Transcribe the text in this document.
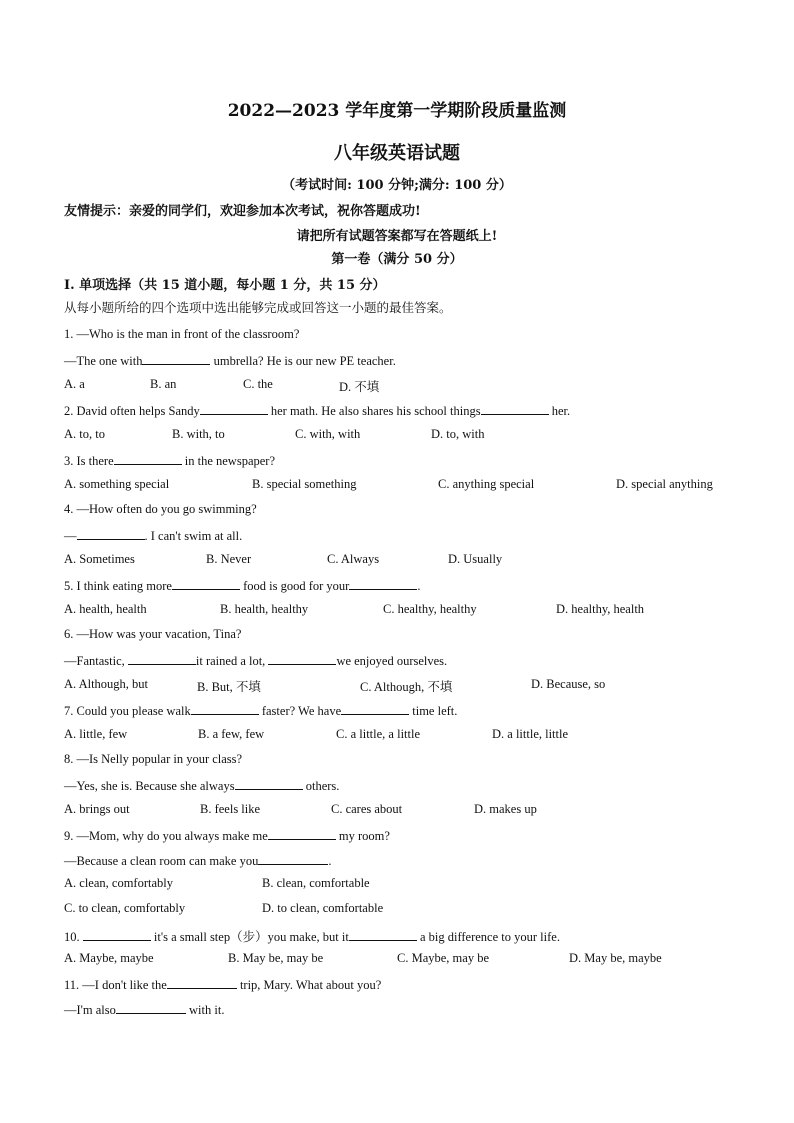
2022—2023 学年度第一学期阶段质量监测
八年级英语试题
（考试时间: 100 分钟;满分: 100 分）
友情提示：亲爱的同学们，欢迎参加本次考试，祝你答题成功!
请把所有试题答案都写在答题纸上!
第一卷（满分 50 分）
I. 单项选择（共 15 道小题，每小题 1 分，共 15 分）
从每小题所给的四个选项中选出能够完成或回答这一小题的最佳答案。
1. —Who is the man in front of the classroom?
—The one with	umbrella? He is our new PE teacher.
A. a	B. an	C. the	D. 不填
2. David often helps Sandy	her math. He also shares his school things	her.
A. to, to	B. with, to	C. with, with	D. to, with
3. Is there	in the newspaper?
A. something special	B. special something	C. anything special	D. special anything
4. —How often do you go swimming?
—	. I can't swim at all.
A. Sometimes	B. Never	C. Always	D. Usually
5. I think eating more	food is good for your	.
A. health, health	B. health, healthy	C. healthy, healthy	D. healthy, health
6. —How was your vacation, Tina?
—Fantastic,	it rained a lot,	we enjoyed ourselves.
A. Although, but	B. But, 不填	C. Although, 不填	D. Because, so
7. Could you please walk	faster? We have	time left.
A. little, few	B. a few, few	C. a little, a little	D. a little, little
8. —Is Nelly popular in your class?
—Yes, she is. Because she always	others.
A. brings out	B. feels like	C. cares about	D. makes up
9. —Mom, why do you always make me	my room?
—Because a clean room can make you	.
A. clean, comfortably	B. clean, comfortable
C. to clean, comfortably	D. to clean, comfortable
10.	it's a small step（步）you make, but it	a big difference to your life.
A. Maybe, maybe	B. May be, may be	C. Maybe, may be	D. May be, maybe
11. —I don't like the	trip, Mary. What about you?
—I'm also	with it.
